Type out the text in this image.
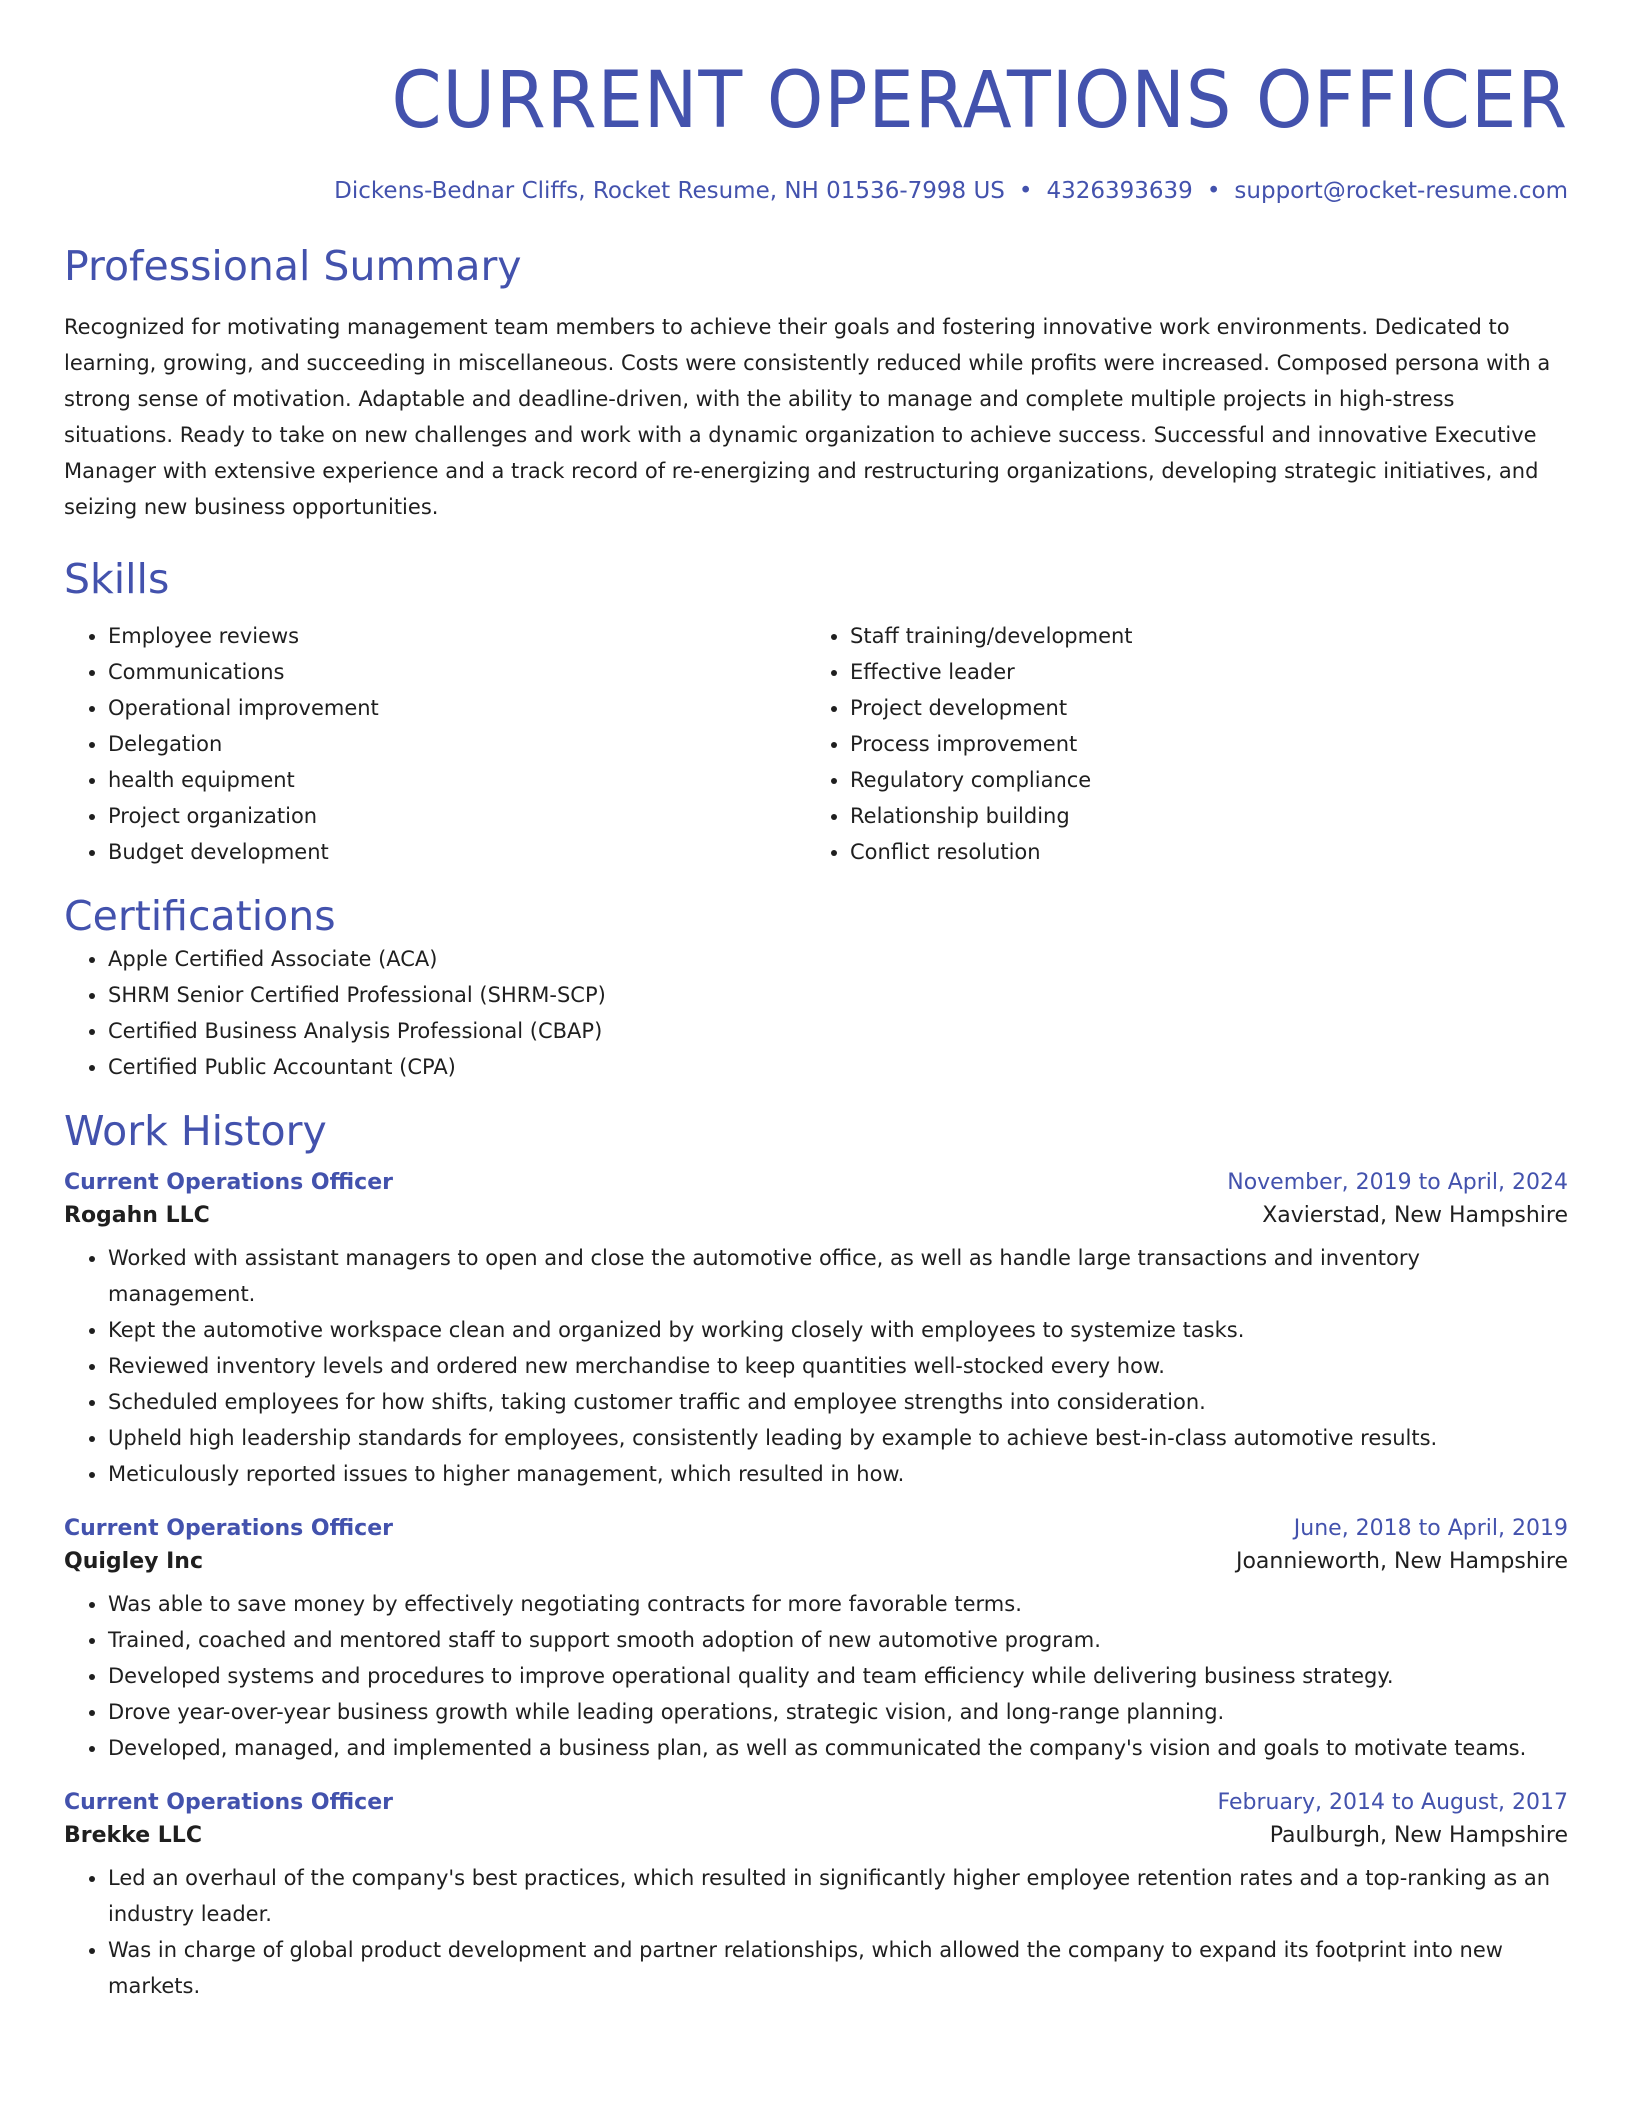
CURRENT OPERATIONS OFFICER
Dickens-Bednar Cliffs, Rocket Resume, NH 01536-7998 US • 4326393639 • support@rocket-resume.com
Professional Summary
Recognized for motivating management team members to achieve their goals and fostering innovative work environments. Dedicated to learning, growing, and succeeding in miscellaneous. Costs were consistently reduced while profits were increased. Composed persona with a strong sense of motivation. Adaptable and deadline-driven, with the ability to manage and complete multiple projects in high-stress situations. Ready to take on new challenges and work with a dynamic organization to achieve success. Successful and innovative Executive Manager with extensive experience and a track record of re-energizing and restructuring organizations, developing strategic initiatives, and seizing new business opportunities.
Skills
• Employee reviews
• Communications
• Operational improvement
• Delegation
• health equipment
• Project organization
• Budget development
• Staff training/development
• Effective leader
• Project development
• Process improvement
• Regulatory compliance
• Relationship building
• Conflict resolution
Certifications
• Apple Certified Associate (ACA)
• SHRM Senior Certified Professional (SHRM-SCP)
• Certified Business Analysis Professional (CBAP)
• Certified Public Accountant (CPA)
Work History
Current Operations Officer	November, 2019 to April, 2024
Rogahn LLC	Xavierstad, New Hampshire
• Worked with assistant managers to open and close the automotive office, as well as handle large transactions and inventory management.
• Kept the automotive workspace clean and organized by working closely with employees to systemize tasks.
• Reviewed inventory levels and ordered new merchandise to keep quantities well-stocked every how.
• Scheduled employees for how shifts, taking customer traffic and employee strengths into consideration.
• Upheld high leadership standards for employees, consistently leading by example to achieve best-in-class automotive results.
• Meticulously reported issues to higher management, which resulted in how.
Current Operations Officer	June, 2018 to April, 2019
Quigley Inc	Joannieworth, New Hampshire
• Was able to save money by effectively negotiating contracts for more favorable terms.
• Trained, coached and mentored staff to support smooth adoption of new automotive program.
• Developed systems and procedures to improve operational quality and team efficiency while delivering business strategy.
• Drove year-over-year business growth while leading operations, strategic vision, and long-range planning.
• Developed, managed, and implemented a business plan, as well as communicated the company's vision and goals to motivate teams.
Current Operations Officer	February, 2014 to August, 2017
Brekke LLC	Paulburgh, New Hampshire
• Led an overhaul of the company's best practices, which resulted in significantly higher employee retention rates and a top-ranking as an industry leader.
• Was in charge of global product development and partner relationships, which allowed the company to expand its footprint into new markets.
